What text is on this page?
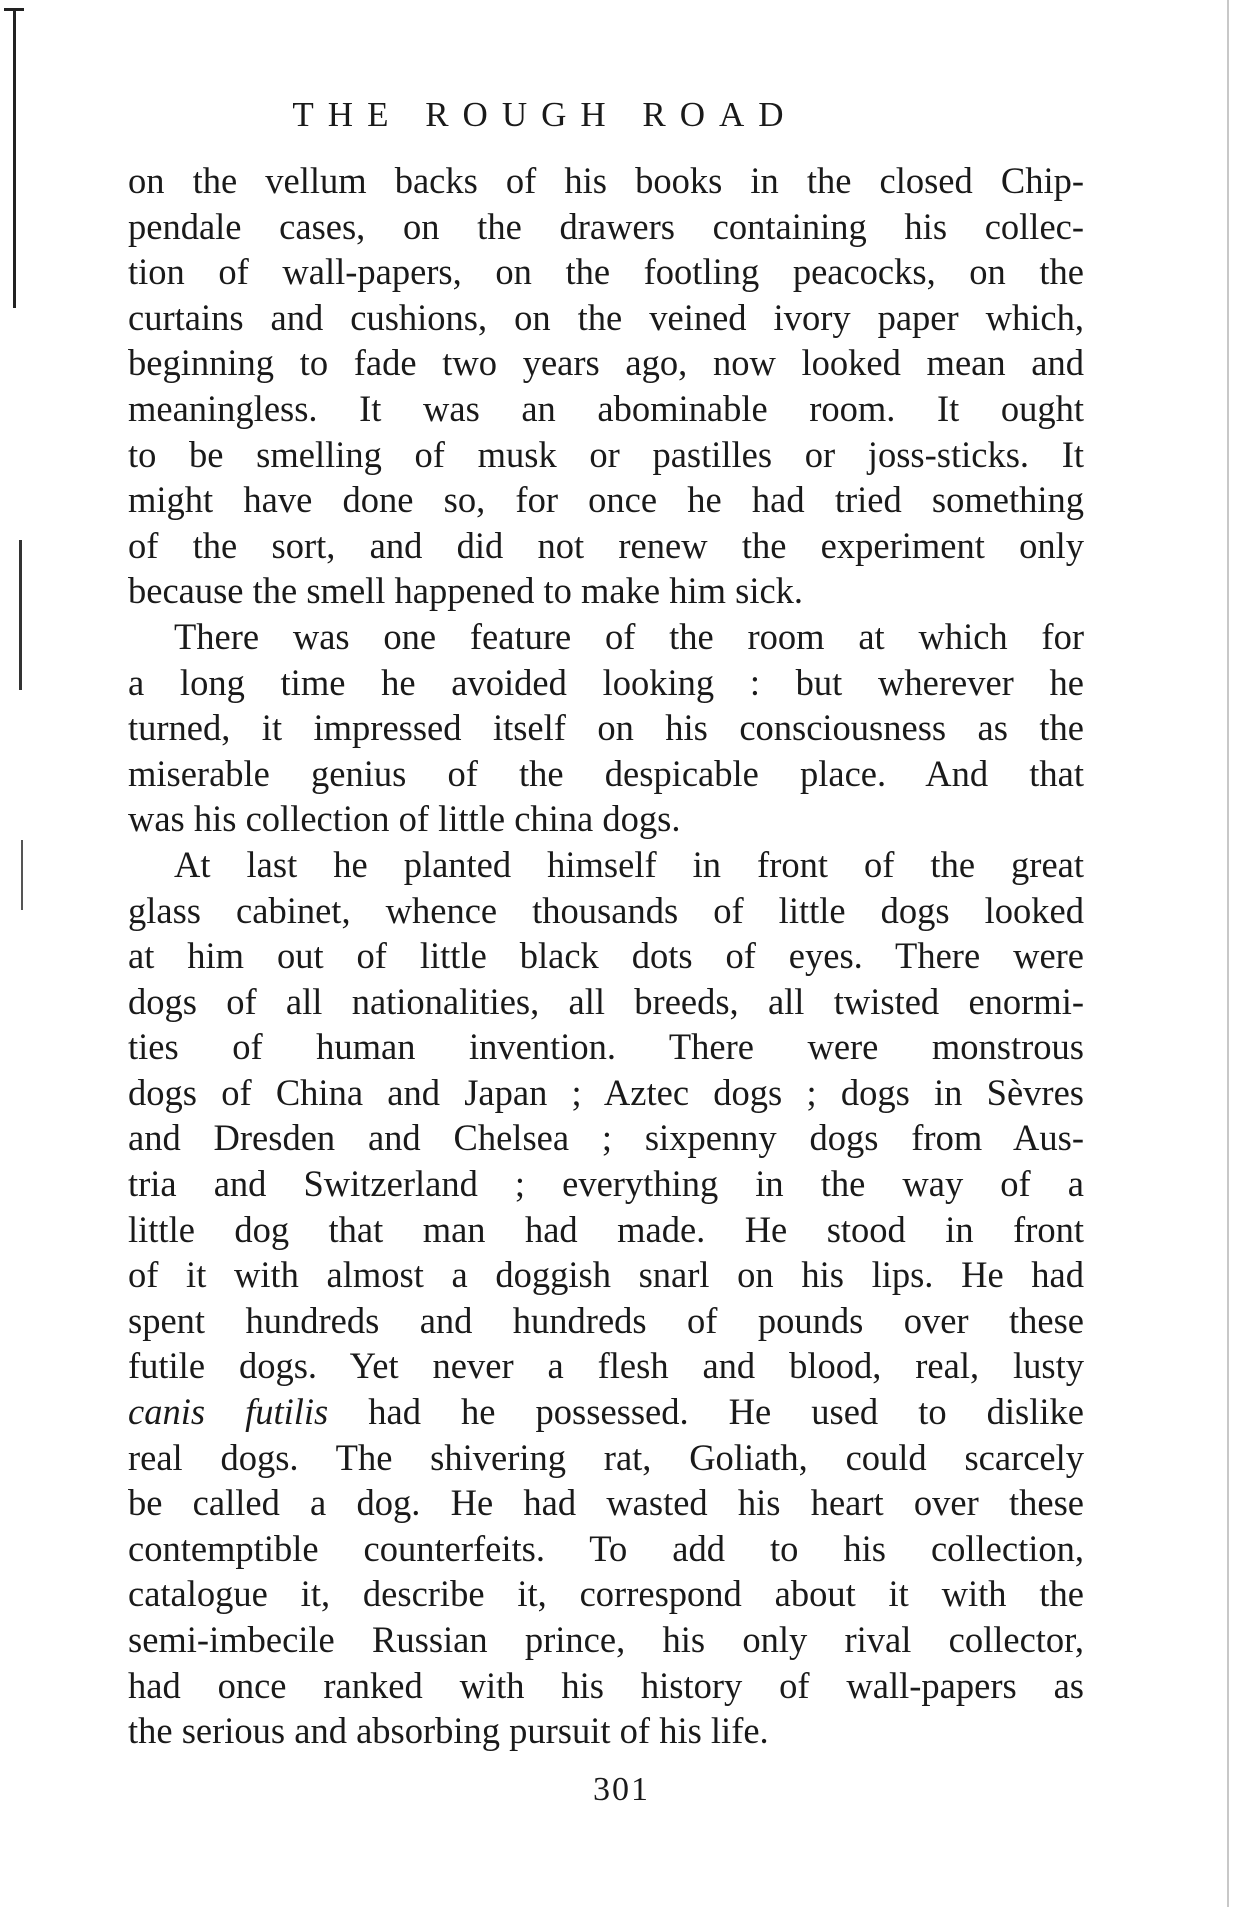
THE ROUGH ROAD
on the vellum backs of his books in the closed Chip-
pendale cases, on the drawers containing his collec-
tion of wall-papers, on the footling peacocks, on the
curtains and cushions, on the veined ivory paper which,
beginning to fade two years ago, now looked mean and
meaningless. It was an abominable room. It ought
to be smelling of musk or pastilles or joss-sticks. It
might have done so, for once he had tried something
of the sort, and did not renew the experiment only
because the smell happened to make him sick.
There was one feature of the room at which for
a long time he avoided looking : but wherever he
turned, it impressed itself on his consciousness as the
miserable genius of the despicable place. And that
was his collection of little china dogs.
At last he planted himself in front of the great
glass cabinet, whence thousands of little dogs looked
at him out of little black dots of eyes. There were
dogs of all nationalities, all breeds, all twisted enormi-
ties of human invention. There were monstrous
dogs of China and Japan ; Aztec dogs ; dogs in Sèvres
and Dresden and Chelsea ; sixpenny dogs from Aus-
tria and Switzerland ; everything in the way of a
little dog that man had made. He stood in front
of it with almost a doggish snarl on his lips. He had
spent hundreds and hundreds of pounds over these
futile dogs. Yet never a flesh and blood, real, lusty
canis futilis had he possessed. He used to dislike
real dogs. The shivering rat, Goliath, could scarcely
be called a dog. He had wasted his heart over these
contemptible counterfeits. To add to his collection,
catalogue it, describe it, correspond about it with the
semi-imbecile Russian prince, his only rival collector,
had once ranked with his history of wall-papers as
the serious and absorbing pursuit of his life.
301
